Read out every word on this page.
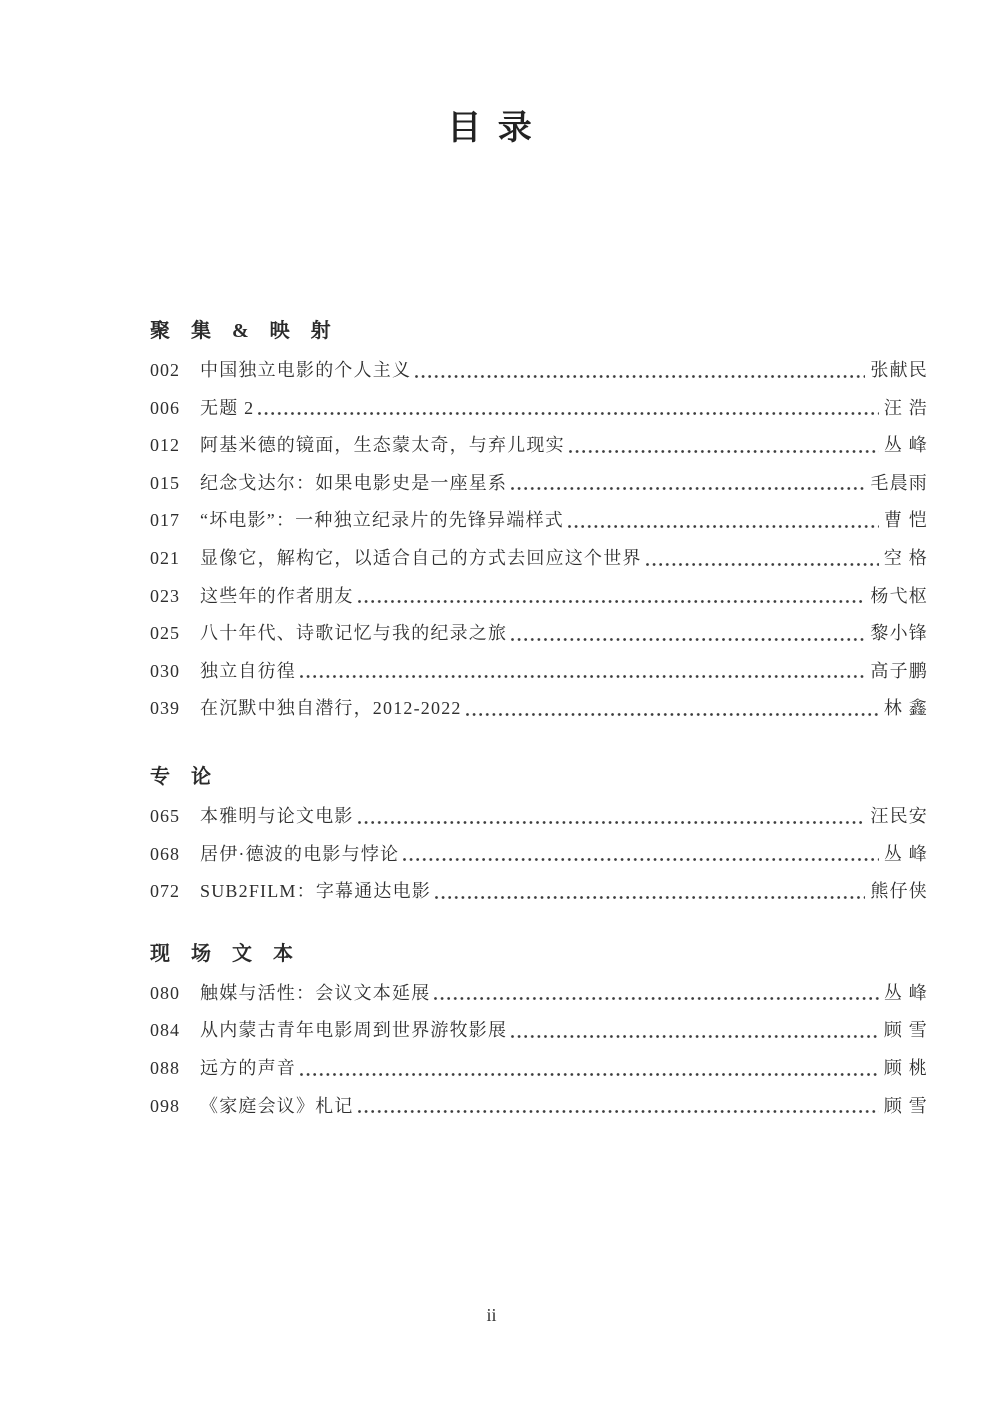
目 录
聚 集 & 映 射
002	中国独立电影的个人主义	张献民
006	无题 2	汪 浩
012	阿基米德的镜面，生态蒙太奇，与弃儿现实	丛 峰
015	纪念戈达尔：如果电影史是一座星系	毛晨雨
017	“坏电影”：一种独立纪录片的先锋异端样式	曹 恺
021	显像它，解构它，以适合自己的方式去回应这个世界	空 格
023	这些年的作者朋友	杨弋枢
025	八十年代、诗歌记忆与我的纪录之旅	黎小锋
030	独立自彷徨	高子鹏
039	在沉默中独自潜行，2012-2022	林 鑫
专 论
065	本雅明与论文电影	汪民安
068	居伊·德波的电影与悖论	丛 峰
072	SUB2FILM：字幕通达电影	熊仔侠
现 场 文 本
080	触媒与活性：会议文本延展	丛 峰
084	从内蒙古青年电影周到世界游牧影展	顾 雪
088	远方的声音	顾 桃
098	《家庭会议》札记	顾 雪
ii
